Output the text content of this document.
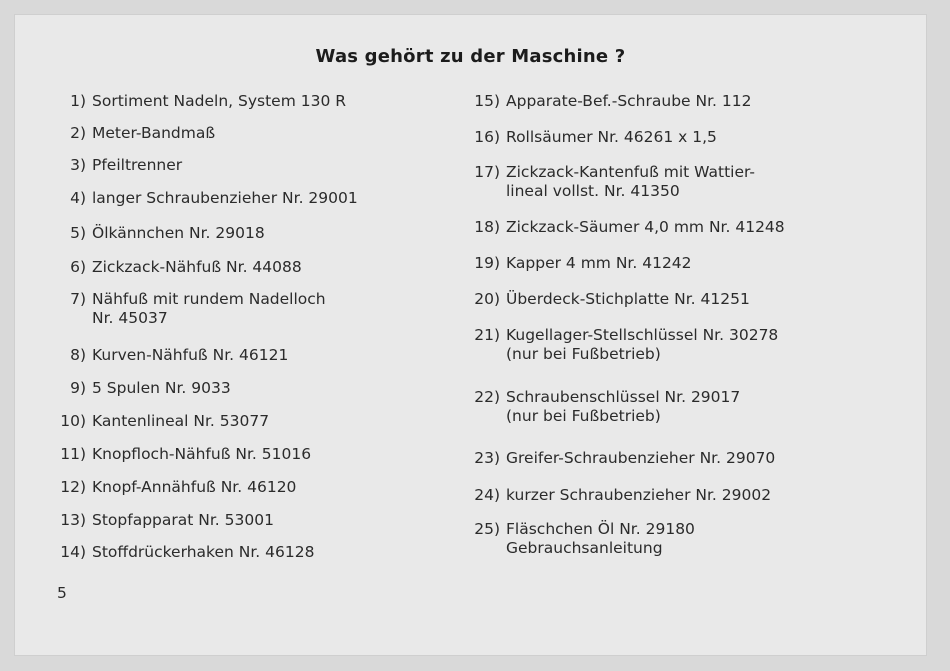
Was gehört zu der Maschine ?
1) Sortiment Nadeln, System 130 R
2) Meter-Bandmaß
3) Pfeiltrenner
4) langer Schraubenzieher Nr. 29001
5) Ölkännchen Nr. 29018
6) Zickzack-Nähfuß Nr. 44088
7) Nähfuß mit rundem Nadelloch
Nr. 45037
8) Kurven-Nähfuß Nr. 46121
9) 5 Spulen Nr. 9033
10) Kantenlineal Nr. 53077
11) Knopfloch-Nähfuß Nr. 51016
12) Knopf-Annähfuß Nr. 46120
13) Stopfapparat Nr. 53001
14) Stoffdrückerhaken Nr. 46128
15) Apparate-Bef.-Schraube Nr. 112
16) Rollsäumer Nr. 46261 x 1,5
17) Zickzack-Kantenfuß mit Wattier-
lineal vollst. Nr. 41350
18) Zickzack-Säumer 4,0 mm Nr. 41248
19) Kapper 4 mm Nr. 41242
20) Überdeck-Stichplatte Nr. 41251
21) Kugellager-Stellschlüssel Nr. 30278
(nur bei Fußbetrieb)
22) Schraubenschlüssel Nr. 29017
(nur bei Fußbetrieb)
23) Greifer-Schraubenzieher Nr. 29070
24) kurzer Schraubenzieher Nr. 29002
25) Fläschchen Öl Nr. 29180
Gebrauchsanleitung
5
